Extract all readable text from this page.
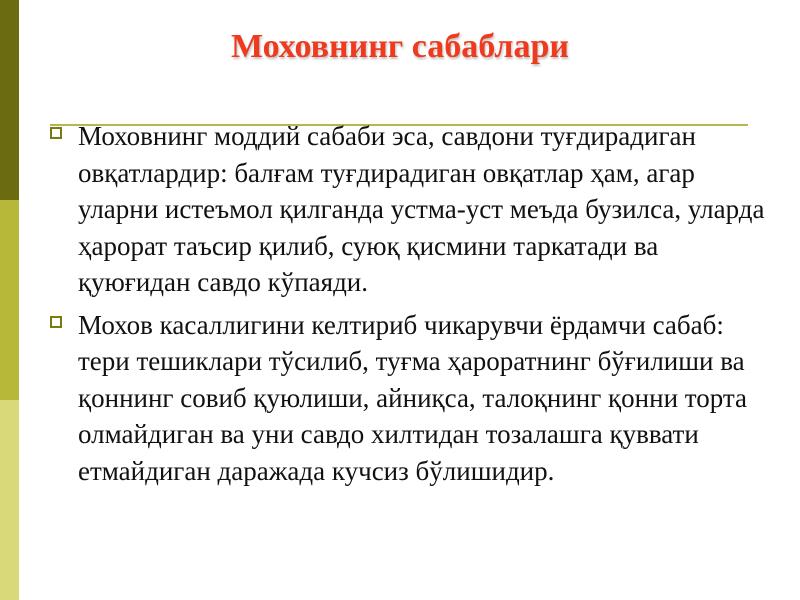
Моховнинг сабаблари
Моховнинг моддий сабаби эса, савдони туғдирадиган овқатлардир: балғам туғдирадиган овқатлар ҳам, агар уларни истеъмол қилганда устма-уст меъда бузилса, уларда ҳарорат таъсир қилиб, суюқ қисмини таркатади ва қуюғидан савдо кўпаяди.
Мохов касаллигини келтириб чикарувчи ёрдамчи сабаб: тери тешиклари тўсилиб, туғма ҳароратнинг бўғилиши ва қоннинг совиб қуюлиши, айниқса, талоқнинг қонни торта олмайдиган ва уни савдо хилтидан тозалашга қуввати етмайдиган даражада кучсиз бўлишидир.
